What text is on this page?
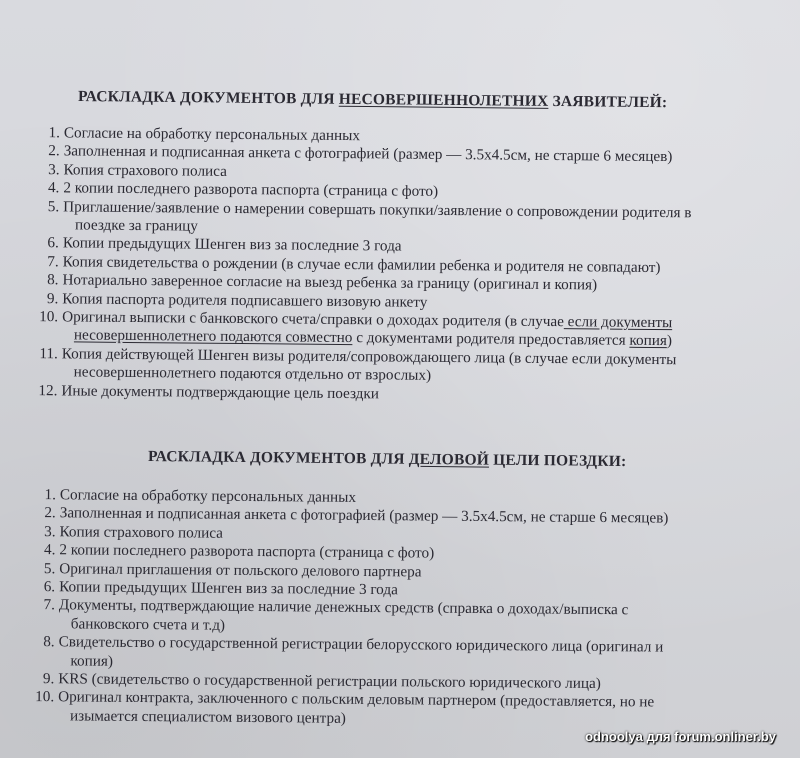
РАСКЛАДКА ДОКУМЕНТОВ ДЛЯ НЕСОВЕРШЕННОЛЕТНИХ ЗАЯВИТЕЛЕЙ:
1. Согласие на обработку персональных данных
2. Заполненная и подписанная анкета с фотографией (размер — 3.5х4.5см, не старше 6 месяцев)
3. Копия страхового полиса
4. 2 копии последнего разворота паспорта (страница с фото)
5. Приглашение/заявление о намерении совершать покупки/заявление о сопровождении родителя в
поездке за границу
6. Копии предыдущих Шенген виз за последние 3 года
7. Копия свидетельства о рождении (в случае если фамилии ребенка и родителя не совпадают)
8. Нотариально заверенное согласие на выезд ребенка за границу (оригинал и копия)
9. Копия паспорта родителя подписавшего визовую анкету
10. Оригинал выписки с банковского счета/справки о доходах родителя (в случае если документы
несовершеннолетнего подаются совместно с документами родителя предоставляется копия)
11. Копия действующей Шенген визы родителя/сопровождающего лица (в случае если документы
несовершеннолетнего подаются отдельно от взрослых)
12. Иные документы подтверждающие цель поездки
РАСКЛАДКА ДОКУМЕНТОВ ДЛЯ ДЕЛОВОЙ ЦЕЛИ ПОЕЗДКИ:
1. Согласие на обработку персональных данных
2. Заполненная и подписанная анкета с фотографией (размер — 3.5х4.5см, не старше 6 месяцев)
3. Копия страхового полиса
4. 2 копии последнего разворота паспорта (страница с фото)
5. Оригинал приглашения от польского делового партнера
6. Копии предыдущих Шенген виз за последние 3 года
7. Документы, подтверждающие наличие денежных средств (справка о доходах/выписка с
банковского счета и т.д)
8. Свидетельство о государственной регистрации белорусского юридического лица (оригинал и
копия)
9. KRS (свидетельство о государственной регистрации польского юридического лица)
10. Оригинал контракта, заключенного с польским деловым партнером (предоставляется, но не
изымается специалистом визового центра)
odnoolya для forum.onliner.by
